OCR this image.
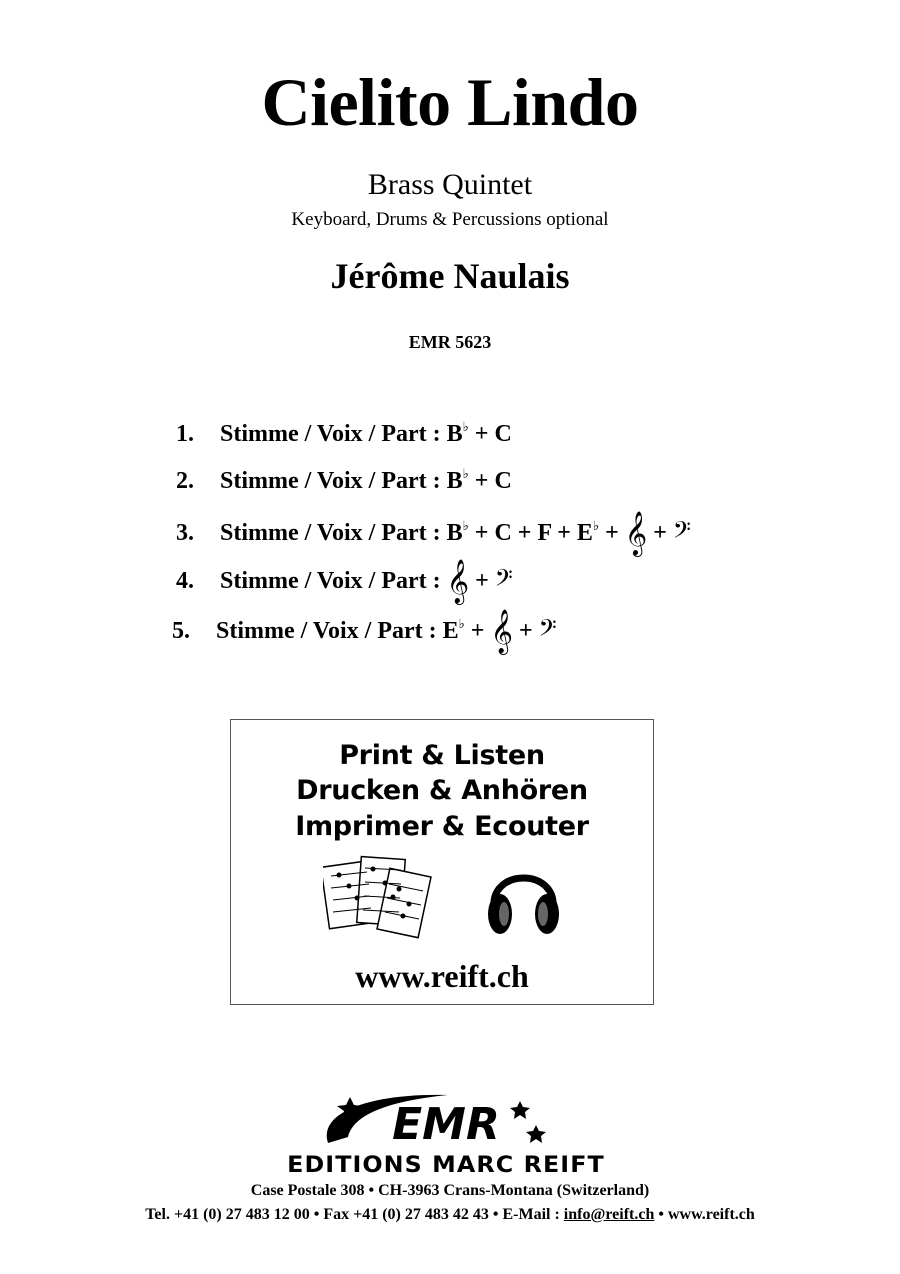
Cielito Lindo
Brass Quintet
Keyboard, Drums & Percussions optional
Jérôme Naulais
EMR 5623
1. Stimme / Voix / Part : B♭ + C
2. Stimme / Voix / Part : B♭ + C
3. Stimme / Voix / Part : B♭ + C + F + E♭ + 𝄞 + 𝄢
4. Stimme / Voix / Part : 𝄞 + 𝄢
5. Stimme / Voix / Part : E♭ + 𝄞 + 𝄢
Print & Listen
Drucken & Anhören
Imprimer & Ecouter
www.reift.ch
EMR
EDITIONS MARC REIFT
Case Postale 308 • CH-3963 Crans-Montana (Switzerland)
Tel. +41 (0) 27 483 12 00 • Fax +41 (0) 27 483 42 43 • E-Mail : info@reift.ch • www.reift.ch
